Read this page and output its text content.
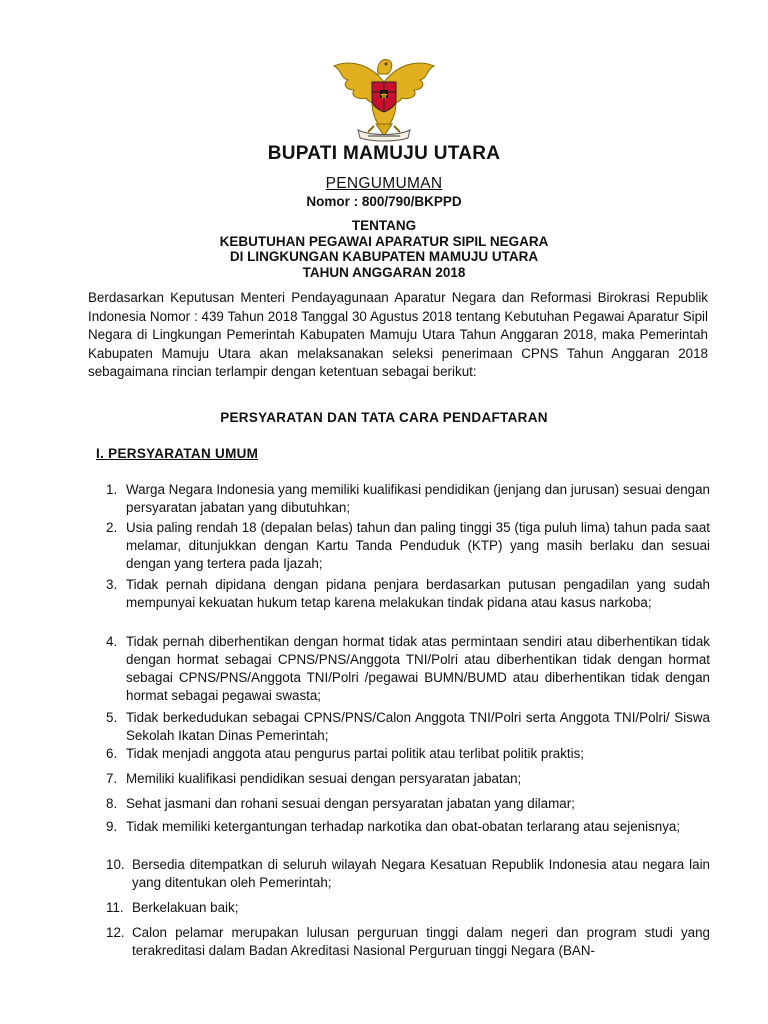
BUPATI MAMUJU UTARA
PENGUMUMAN
Nomor : 800/790/BKPPD
TENTANG
KEBUTUHAN PEGAWAI APARATUR SIPIL NEGARA
DI LINGKUNGAN KABUPATEN MAMUJU UTARA
TAHUN ANGGARAN 2018
Berdasarkan Keputusan Menteri Pendayagunaan Aparatur Negara dan Reformasi Birokrasi Republik Indonesia Nomor : 439 Tahun 2018 Tanggal 30 Agustus 2018 tentang Kebutuhan Pegawai Aparatur Sipil Negara di Lingkungan Pemerintah Kabupaten Mamuju Utara Tahun Anggaran 2018, maka Pemerintah Kabupaten Mamuju Utara akan melaksanakan seleksi penerimaan CPNS Tahun Anggaran 2018 sebagaimana rincian terlampir dengan ketentuan sebagai berikut:
PERSYARATAN DAN TATA CARA PENDAFTARAN
I. PERSYARATAN UMUM
1. Warga Negara Indonesia yang memiliki kualifikasi pendidikan (jenjang dan jurusan) sesuai dengan persyaratan jabatan yang dibutuhkan;
2. Usia paling rendah 18 (depalan belas) tahun dan paling tinggi 35 (tiga puluh lima) tahun pada saat melamar, ditunjukkan dengan Kartu Tanda Penduduk (KTP) yang masih berlaku dan sesuai dengan yang tertera pada Ijazah;
3. Tidak pernah dipidana dengan pidana penjara berdasarkan putusan pengadilan yang sudah mempunyai kekuatan hukum tetap karena melakukan tindak pidana atau kasus narkoba;
4. Tidak pernah diberhentikan dengan hormat tidak atas permintaan sendiri atau diberhentikan tidak dengan hormat sebagai CPNS/PNS/Anggota TNI/Polri atau diberhentikan tidak dengan hormat sebagai CPNS/PNS/Anggota TNI/Polri /pegawai BUMN/BUMD atau diberhentikan tidak dengan hormat sebagai pegawai swasta;
5. Tidak berkedudukan sebagai CPNS/PNS/Calon Anggota TNI/Polri serta Anggota TNI/Polri/ Siswa Sekolah Ikatan Dinas Pemerintah;
6. Tidak menjadi anggota atau pengurus partai politik atau terlibat politik praktis;
7. Memiliki kualifikasi pendidikan sesuai dengan persyaratan jabatan;
8. Sehat jasmani dan rohani sesuai dengan persyaratan jabatan yang dilamar;
9. Tidak memiliki ketergantungan terhadap narkotika dan obat-obatan terlarang atau sejenisnya;
10. Bersedia ditempatkan di seluruh wilayah Negara Kesatuan Republik Indonesia atau negara lain yang ditentukan oleh Pemerintah;
11. Berkelakuan baik;
12. Calon pelamar merupakan lulusan perguruan tinggi dalam negeri dan program studi yang terakreditasi dalam Badan Akreditasi Nasional Perguruan tinggi Negara (BAN-
